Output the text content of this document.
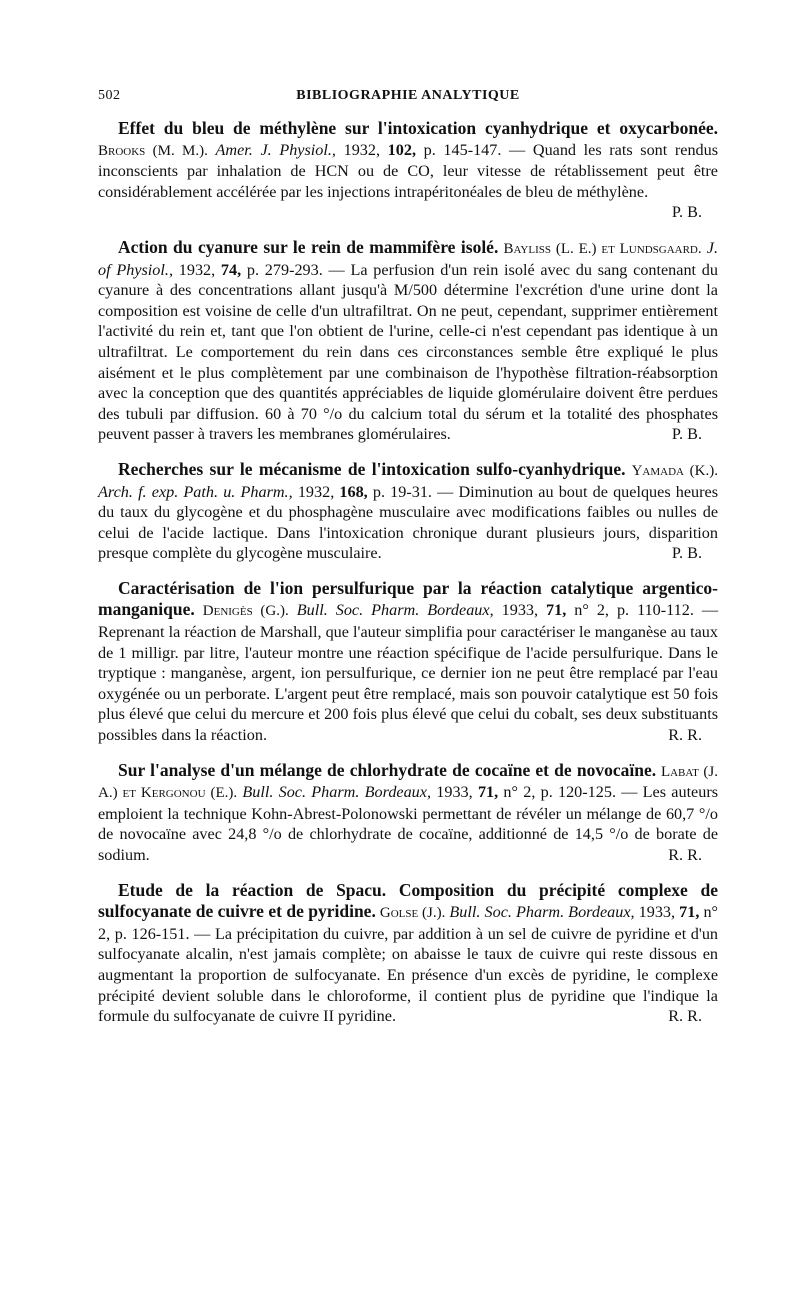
502	BIBLIOGRAPHIE ANALYTIQUE
Effet du bleu de méthylène sur l'intoxication cyanhydrique et oxycarbonée. Brooks (M. M.). Amer. J. Physiol., 1932, 102, p. 145-147. — Quand les rats sont rendus inconscients par inhalation de HCN ou de CO, leur vitesse de rétablissement peut être considérablement accélérée par les injections intrapéritonéales de bleu de méthylène.
P. B.
Action du cyanure sur le rein de mammifère isolé. Bayliss (L. E.) et Lundsgaard. J. of Physiol., 1932, 74, p. 279-293. — La perfusion d'un rein isolé avec du sang contenant du cyanure à des concentrations allant jusqu'à M/500 détermine l'excrétion d'une urine dont la composition est voisine de celle d'un ultrafiltrat. On ne peut, cependant, supprimer entièrement l'activité du rein et, tant que l'on obtient de l'urine, celle-ci n'est cependant pas identique à un ultrafiltrat. Le comportement du rein dans ces circonstances semble être expliqué le plus aisément et le plus complètement par une combinaison de l'hypothèse filtration-réabsorption avec la conception que des quantités appréciables de liquide glomérulaire doivent être perdues des tubuli par diffusion. 60 à 70 °/o du calcium total du sérum et la totalité des phosphates peuvent passer à travers les membranes glomérulaires.	P. B.
Recherches sur le mécanisme de l'intoxication sulfo-cyanhydrique. Yamada (K.). Arch. f. exp. Path. u. Pharm., 1932, 168, p. 19-31. — Diminution au bout de quelques heures du taux du glycogène et du phosphagène musculaire avec modifications faibles ou nulles de celui de l'acide lactique. Dans l'intoxication chronique durant plusieurs jours, disparition presque complète du glycogène musculaire.	P. B.
Caractérisation de l'ion persulfurique par la réaction catalytique argentico-manganique. Denigès (G.). Bull. Soc. Pharm. Bordeaux, 1933, 71, n° 2, p. 110-112. — Reprenant la réaction de Marshall, que l'auteur simplifia pour caractériser le manganèse au taux de 1 milligr. par litre, l'auteur montre une réaction spécifique de l'acide persulfurique. Dans le tryptique : manganèse, argent, ion persulfurique, ce dernier ion ne peut être remplacé par l'eau oxygénée ou un perborate. L'argent peut être remplacé, mais son pouvoir catalytique est 50 fois plus élevé que celui du mercure et 200 fois plus élevé que celui du cobalt, ses deux substituants possibles dans la réaction.	R. R.
Sur l'analyse d'un mélange de chlorhydrate de cocaïne et de novocaïne. Labat (J. A.) et Kergonou (E.). Bull. Soc. Pharm. Bordeaux, 1933, 71, n° 2, p. 120-125. — Les auteurs emploient la technique Kohn-Abrest-Polonowski permettant de révéler un mélange de 60,7 °/o de novocaïne avec 24,8 °/o de chlorhydrate de cocaïne, additionné de 14,5 °/o de borate de sodium.	R. R.
Etude de la réaction de Spacu. Composition du précipité complexe de sulfocyanate de cuivre et de pyridine. Golse (J.). Bull. Soc. Pharm. Bordeaux, 1933, 71, n° 2, p. 126-151. — La précipitation du cuivre, par addition à un sel de cuivre de pyridine et d'un sulfocyanate alcalin, n'est jamais complète; on abaisse le taux de cuivre qui reste dissous en augmentant la proportion de sulfocyanate. En présence d'un excès de pyridine, le complexe précipité devient soluble dans le chloroforme, il contient plus de pyridine que l'indique la formule du sulfocyanate de cuivre II pyridine.	R. R.
